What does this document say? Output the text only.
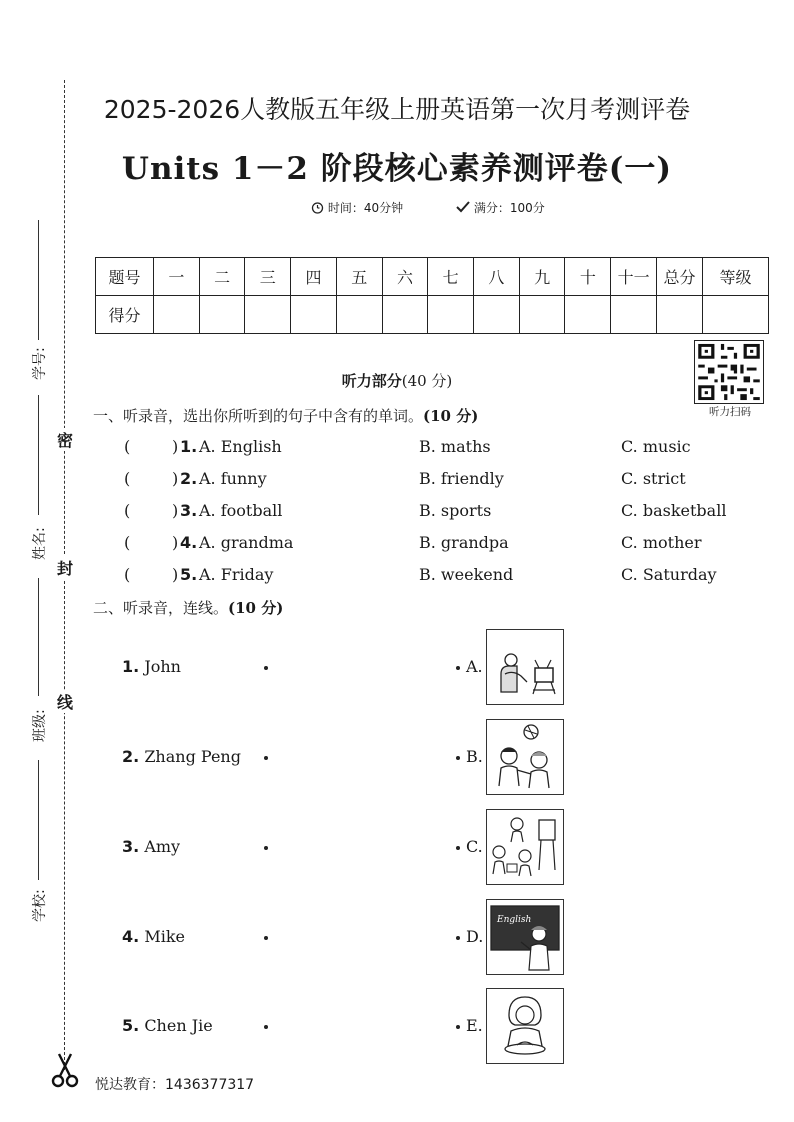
密
封
线
学号:
姓名:
班级:
学校:
2025-2026人教版五年级上册英语第一次月考测评卷
Units 1－2 阶段核心素养测评卷(一)
时间：40分钟	满分：100分
题号	一	二	三	四	五	六	七	八	九	十	十一	总分	等级
得分													
听力扫码
听力部分(40 分)
一、听录音，选出你所听到的句子中含有的单词。(10 分)
(	) 1. A. English	B. maths	C. music
(	) 2. A. funny	B. friendly	C. strict
(	) 3. A. football	B. sports	C. basketball
(	) 4. A. grandma	B. grandpa	C. mother
(	) 5. A. Friday	B. weekend	C. Saturday
二、听录音，连线。(10 分)
1. John
2. Zhang Peng
3. Amy
4. Mike
5. Chen Jie
A.
B.
C.
D.
E.
English
悦达教育：1436377317
